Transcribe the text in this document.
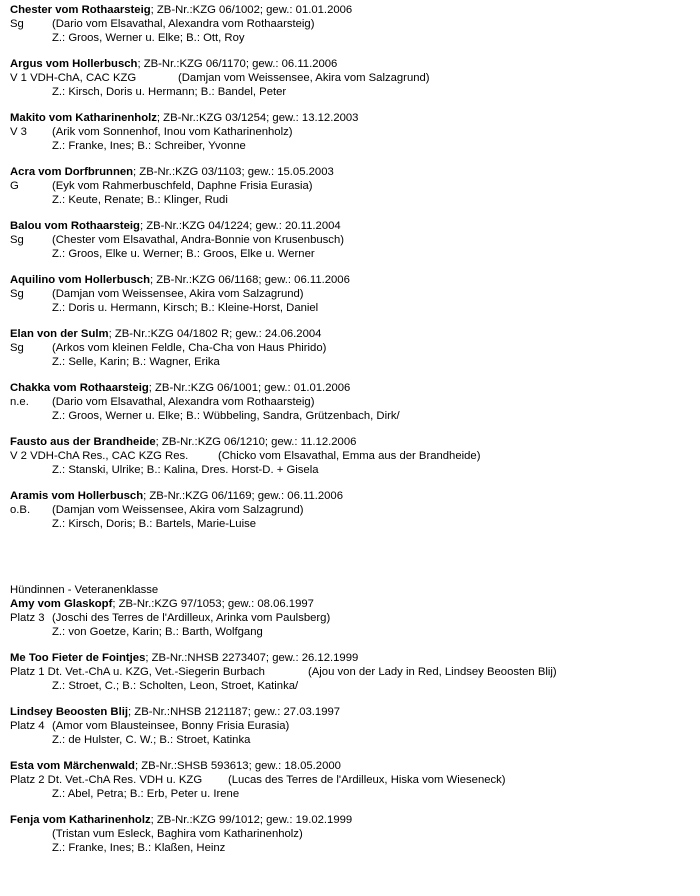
Chester vom Rothaarsteig; ZB-Nr.:KZG 06/1002; gew.: 01.01.2006
Sg (Dario vom Elsavathal, Alexandra vom Rothaarsteig)
Z.: Groos, Werner u. Elke; B.: Ott, Roy
Argus vom Hollerbusch; ZB-Nr.:KZG 06/1170; gew.: 06.11.2006
V 1 VDH-ChA, CAC KZG	(Damjan vom Weissensee, Akira vom Salzagrund)
Z.: Kirsch, Doris u. Hermann; B.: Bandel, Peter
Makito vom Katharinenholz; ZB-Nr.:KZG 03/1254; gew.: 13.12.2003
V 3 (Arik vom Sonnenhof, Inou vom Katharinenholz)
Z.: Franke, Ines; B.: Schreiber, Yvonne
Acra vom Dorfbrunnen; ZB-Nr.:KZG 03/1103; gew.: 15.05.2003
G	(Eyk vom Rahmerbuschfeld, Daphne Frisia Eurasia)
Z.: Keute, Renate; B.: Klinger, Rudi
Balou vom Rothaarsteig; ZB-Nr.:KZG 04/1224; gew.: 20.11.2004
Sg (Chester vom Elsavathal, Andra-Bonnie von Krusenbusch)
Z.: Groos, Elke u. Werner; B.: Groos, Elke u. Werner
Aquilino vom Hollerbusch; ZB-Nr.:KZG 06/1168; gew.: 06.11.2006
Sg (Damjan vom Weissensee, Akira vom Salzagrund)
Z.: Doris u. Hermann, Kirsch; B.: Kleine-Horst, Daniel
Elan von der Sulm; ZB-Nr.:KZG 04/1802 R; gew.: 24.06.2004
Sg (Arkos vom kleinen Feldle, Cha-Cha von Haus Phirido)
Z.: Selle, Karin; B.: Wagner, Erika
Chakka vom Rothaarsteig; ZB-Nr.:KZG 06/1001; gew.: 01.01.2006
n.e. (Dario vom Elsavathal, Alexandra vom Rothaarsteig)
Z.: Groos, Werner u. Elke; B.: Wübbeling, Sandra, Grützenbach, Dirk/
Fausto aus der Brandheide; ZB-Nr.:KZG 06/1210; gew.: 11.12.2006
V 2 VDH-ChA Res., CAC KZG Res.	(Chicko vom Elsavathal, Emma aus der Brandheide)
Z.: Stanski, Ulrike; B.: Kalina, Dres. Horst-D. + Gisela
Aramis vom Hollerbusch; ZB-Nr.:KZG 06/1169; gew.: 06.11.2006
o.B. (Damjan vom Weissensee, Akira vom Salzagrund)
Z.: Kirsch, Doris; B.: Bartels, Marie-Luise
Hündinnen - Veteranenklasse
Amy vom Glaskopf; ZB-Nr.:KZG 97/1053; gew.: 08.06.1997
Platz 3 (Joschi des Terres de l'Ardilleux, Arinka vom Paulsberg)
Z.: von Goetze, Karin; B.: Barth, Wolfgang
Me Too Fieter de Fointjes; ZB-Nr.:NHSB 2273407; gew.: 26.12.1999
Platz 1 Dt. Vet.-ChA u. KZG, Vet.-Siegerin Burbach	(Ajou von der Lady in Red, Lindsey Beoosten Blij)
Z.: Stroet, C.; B.: Scholten, Leon, Stroet, Katinka/
Lindsey Beoosten Blij; ZB-Nr.:NHSB 2121187; gew.: 27.03.1997
Platz 4 (Amor vom Blausteinsee, Bonny Frisia Eurasia)
Z.: de Hulster, C. W.; B.: Stroet, Katinka
Esta vom Märchenwald; ZB-Nr.:SHSB 593613; gew.: 18.05.2000
Platz 2 Dt. Vet.-ChA Res. VDH u. KZG (Lucas des Terres de l'Ardilleux, Hiska vom Wieseneck)
Z.: Abel, Petra; B.: Erb, Peter u. Irene
Fenja vom Katharinenholz; ZB-Nr.:KZG 99/1012; gew.: 19.02.1999
(Tristan vum Esleck, Baghira vom Katharinenholz)
Z.: Franke, Ines; B.: Klaßen, Heinz
